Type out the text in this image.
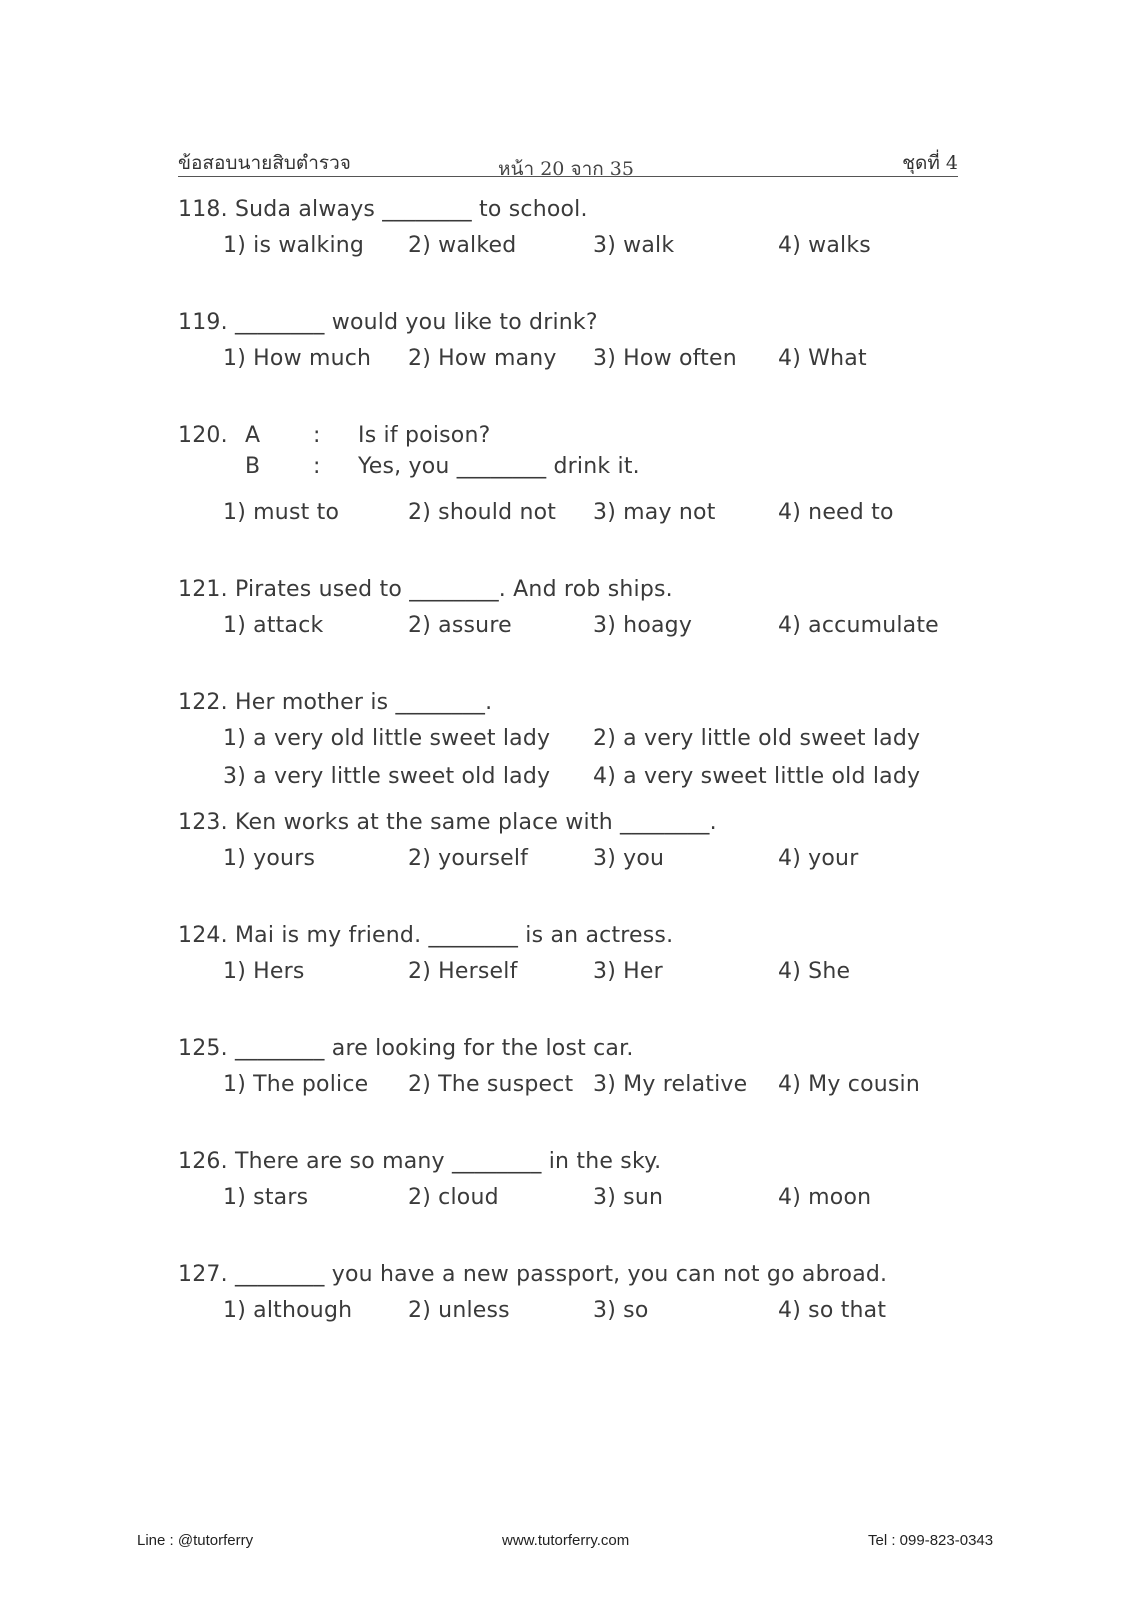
ข้อสอบนายสิบตำรวจ	หน้า 20 จาก 35	ชุดที่ 4
118. Suda always ________ to school.
1) is walking 2) walked	3) walk	4) walks
119. ________ would you like to drink?
1) How much 2) How many 3) How often 4) What
120. A : Is if poison?
B : Yes, you ________ drink it.
1) must to	2) should not 3) may not	4) need to
121. Pirates used to ________. And rob ships.
1) attack	2) assure	3) hoagy	4) accumulate
122. Her mother is ________.
1) a very old little sweet lady 2) a very little old sweet lady
3) a very little sweet old lady 4) a very sweet little old lady
123. Ken works at the same place with ________.
1) yours	2) yourself	3) you	4) your
124. Mai is my friend. ________ is an actress.
1) Hers	2) Herself	3) Her	4) She
125. ________ are looking for the lost car.
1) The police 2) The suspect 3) My relative 4) My cousin
126. There are so many ________ in the sky.
1) stars	2) cloud	3) sun	4) moon
127. ________ you have a new passport, you can not go abroad.
1) although	2) unless	3) so	4) so that
Line : @tutorferry	www.tutorferry.com	Tel : 099-823-0343
